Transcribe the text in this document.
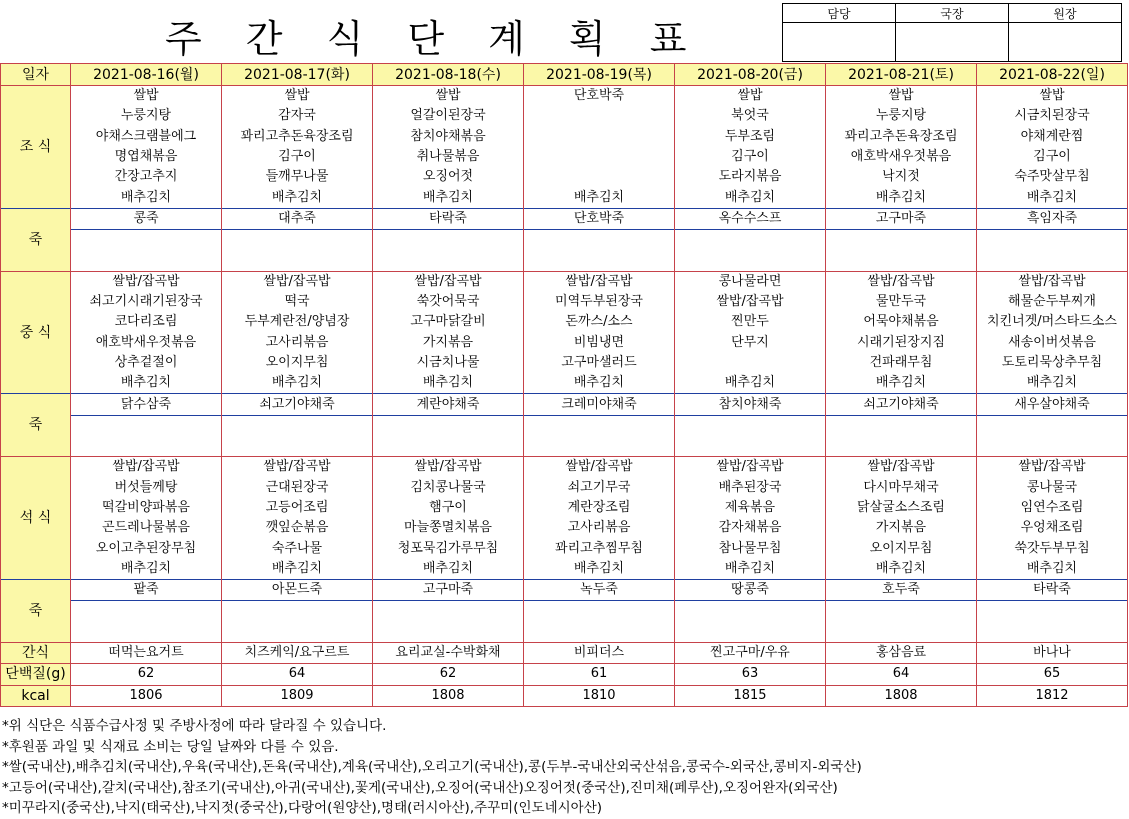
주 간 식 단 계 획 표
담당	국장	원장

일자	2021-08-16(월)	2021-08-17(화)	2021-08-18(수)	2021-08-19(목)	2021-08-20(금)	2021-08-21(토)	2021-08-22(일)
조 식	쌀밥	쌀밥	쌀밥	단호박죽	쌀밥	쌀밥	쌀밥
	누룽지탕	감자국	얼갈이된장국		북엇국	누룽지탕	시금치된장국
	야채스크램블에그	꽈리고추돈육장조림	참치야채볶음		두부조림	꽈리고추돈육장조림	야채계란찜
	명엽채볶음	김구이	취나물볶음		김구이	애호박새우젓볶음	김구이
	간장고추지	들깨무나물	오징어젓		도라지볶음	낙지젓	숙주맛살무침
	배추김치	배추김치	배추김치	배추김치	배추김치	배추김치	배추김치
죽	콩죽	대추죽	타락죽	단호박죽	옥수수스프	고구마죽	흑임자죽

중 식	쌀밥/잡곡밥	쌀밥/잡곡밥	쌀밥/잡곡밥	쌀밥/잡곡밥	콩나물라면	쌀밥/잡곡밥	쌀밥/잡곡밥
	쇠고기시래기된장국	떡국	쑥갓어묵국	미역두부된장국	쌀밥/잡곡밥	물만두국	해물순두부찌개
	코다리조림	두부계란전/양념장	고구마닭갈비	돈까스/소스	찐만두	어묵야채볶음	치킨너겟/머스타드소스
	애호박새우젓볶음	고사리볶음	가지볶음	비빔냉면	단무지	시래기된장지짐	새송이버섯볶음
	상추겉절이	오이지무침	시금치나물	고구마샐러드		건파래무침	도토리묵상추무침
	배추김치	배추김치	배추김치	배추김치	배추김치	배추김치	배추김치
죽	닭수삼죽	쇠고기야채죽	계란야채죽	크레미야채죽	참치야채죽	쇠고기야채죽	새우살야채죽

석 식	쌀밥/잡곡밥	쌀밥/잡곡밥	쌀밥/잡곡밥	쌀밥/잡곡밥	쌀밥/잡곡밥	쌀밥/잡곡밥	쌀밥/잡곡밥
	버섯들께탕	근대된장국	김치콩나물국	쇠고기무국	배추된장국	다시마무채국	콩나물국
	떡갈비양파볶음	고등어조림	햄구이	계란장조림	제육볶음	닭살굴소스조림	임연수조림
	곤드레나물볶음	깻잎순볶음	마늘쫑멸치볶음	고사리볶음	감자채볶음	가지볶음	우엉채조림
	오이고추된장무침	숙주나물	청포묵김가루무침	꽈리고추찜무침	참나물무침	오이지무침	쑥갓두부무침
	배추김치	배추김치	배추김치	배추김치	배추김치	배추김치	배추김치
죽	팥죽	아몬드죽	고구마죽	녹두죽	땅콩죽	호두죽	타락죽

간식	떠먹는요거트	치즈케익/요구르트	요리교실-수박화채	비피더스	찐고구마/우유	홍삼음료	바나나
단백질(g)	62	64	62	61	63	64	65
kcal	1806	1809	1808	1810	1815	1808	1812
*위 식단은 식품수급사정 및 주방사정에 따라 달라질 수 있습니다.
*후원품 과일 및 식재료 소비는 당일 날짜와 다를 수 있음.
*쌀(국내산),배추김치(국내산),우육(국내산),돈육(국내산),계육(국내산),오리고기(국내산),콩(두부-국내산외국산섞음,콩국수-외국산,콩비지-외국산)
*고등어(국내산),갈치(국내산),참조기(국내산),아귀(국내산),꽃게(국내산),오징어(국내산)오징어젓(중국산),진미채(페루산),오징어완자(외국산)
*미꾸라지(중국산),낙지(태국산),낙지젓(중국산),다랑어(원양산),명태(러시아산),주꾸미(인도네시아산)
